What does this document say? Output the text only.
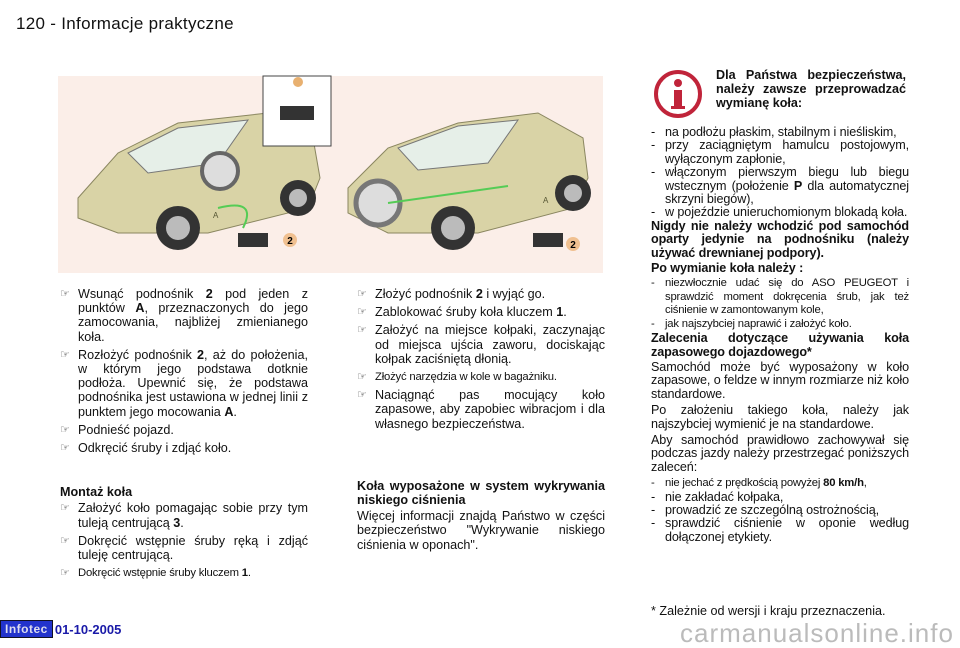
120 - Informacje praktyczne
2	2
A
A
☞ Wsunąć podnośnik 2 pod jeden z punktów A, przeznaczonych do jego zamocowania, najbliżej zmienianego koła.
☞ Rozłożyć podnośnik 2, aż do położenia, w którym jego podstawa dotknie podłoża. Upewnić się, że podstawa podnośnika jest ustawiona w jednej linii z punktem jego mocowania A.
☞ Podnieść pojazd.
☞ Odkręcić śruby i zdjąć koło.
Montaż koła
☞ Założyć koło pomagając sobie przy tym tuleją centrującą 3.
☞ Dokręcić wstępnie śruby ręką i zdjąć tuleję centrującą.
☞ Dokręcić wstępnie śruby kluczem 1.
☞ Złożyć podnośnik 2 i wyjąć go.
☞ Zablokować śruby koła kluczem 1.
☞ Założyć na miejsce kołpaki, zaczynając od miejsca ujścia zaworu, dociskając kołpak zaciśniętą dłonią.
☞ Złożyć narzędzia w kole w bagażniku.
☞ Naciągnąć pas mocujący koło zapasowe, aby zapobiec wibracjom i dla własnego bezpieczeństwa.
Koła wyposażone w system wykrywania niskiego ciśnienia
Więcej informacji znajdą Państwo w części bezpieczeństwo "Wykrywanie niskiego ciśnienia w oponach".
Dla Państwa bezpieczeństwa, należy zawsze przeprowadzać wymianę koła:
- na podłożu płaskim, stabilnym i nieśliskim,
- przy zaciągniętym hamulcu postojowym, wyłączonym zapłonie,
- włączonym pierwszym biegu lub biegu wstecznym (położenie P dla automatycznej skrzyni biegów),
- w pojeździe unieruchomionym blokadą koła.
Nigdy nie należy wchodzić pod samochód oparty jedynie na podnośniku (należy używać drewnianej podpory).
Po wymianie koła należy :
- niezwłocznie udać się do ASO PEUGEOT i sprawdzić moment dokręcenia śrub, jak też ciśnienie w zamontowanym kole,
- jak najszybciej naprawić i założyć koło.
Zalecenia dotyczące używania koła zapasowego dojazdowego*
Samochód może być wyposażony w koło zapasowe, o feldze w innym rozmiarze niż koło standardowe.
Po założeniu takiego koła, należy jak najszybciej wymienić je na standardowe.
Aby samochód prawidłowo zachowywał się podczas jazdy należy przestrzegać poniższych zaleceń:
- nie jechać z prędkością powyżej 80 km/h,
- nie zakładać kołpaka,
- prowadzić ze szczególną ostrożnością,
- sprawdzić ciśnienie w oponie według dołączonej etykiety.
* Zależnie od wersji i kraju przeznaczenia.
carmanualsonline.info
Infotec 01-10-2005
